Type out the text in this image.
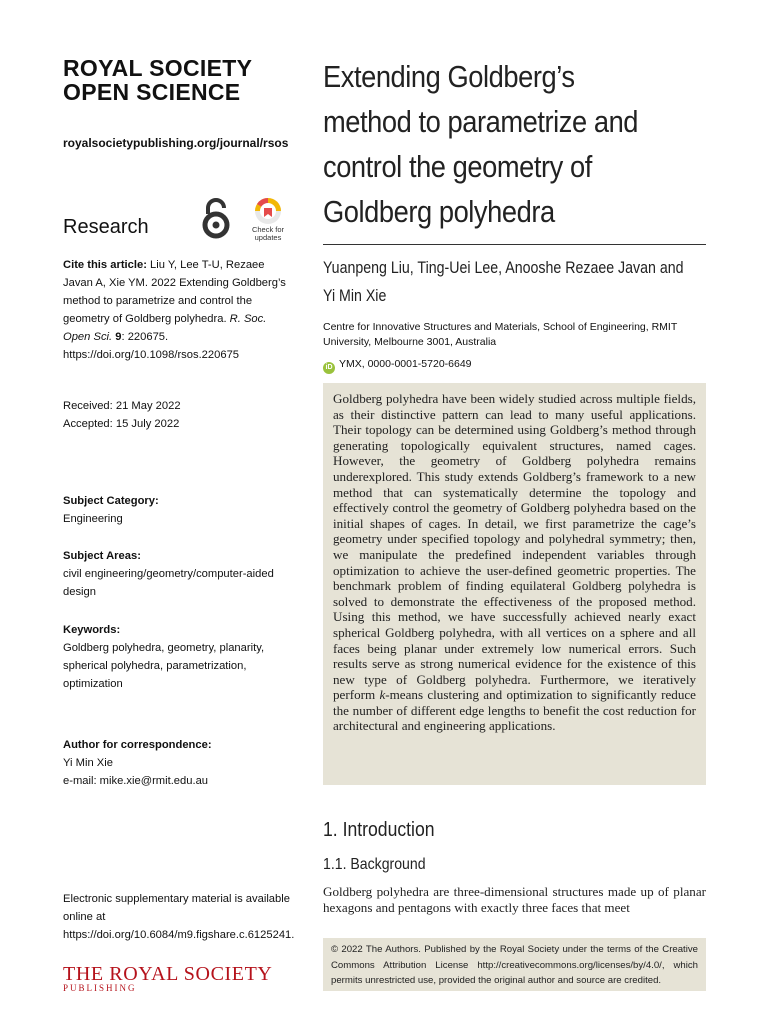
ROYAL SOCIETY
OPEN SCIENCE
royalsocietypublishing.org/journal/rsos
Research	Check for updates
Cite this article: Liu Y, Lee T-U, Rezaee Javan A, Xie YM. 2022 Extending Goldberg’s method to parametrize and control the geometry of Goldberg polyhedra. R. Soc. Open Sci. 9: 220675. https://doi.org/10.1098/rsos.220675
Received: 21 May 2022
Accepted: 15 July 2022
Subject Category:
Engineering
Subject Areas:
civil engineering/geometry/computer-aided design
Keywords:
Goldberg polyhedra, geometry, planarity, spherical polyhedra, parametrization, optimization
Author for correspondence:
Yi Min Xie
e-mail: mike.xie@rmit.edu.au
Electronic supplementary material is available online at https://doi.org/10.6084/m9.figshare.c.6125241.
THE ROYAL SOCIETY
PUBLISHING
Extending Goldberg’s
method to parametrize and
control the geometry of
Goldberg polyhedra
Yuanpeng Liu, Ting-Uei Lee, Anooshe Rezaee Javan and
Yi Min Xie
Centre for Innovative Structures and Materials, School of Engineering, RMIT University, Melbourne 3001, Australia
iD YMX, 0000-0001-5720-6649
Goldberg polyhedra have been widely studied across multiple fields, as their distinctive pattern can lead to many useful applications. Their topology can be determined using Goldberg’s method through generating topologically equivalent structures, named cages. However, the geometry of Goldberg polyhedra remains underexplored. This study extends Goldberg’s framework to a new method that can systematically determine the topology and effectively control the geometry of Goldberg polyhedra based on the initial shapes of cages. In detail, we first parametrize the cage’s geometry under specified topology and polyhedral symmetry; then, we manipulate the predefined independent variables through optimization to achieve the user-defined geometric properties. The benchmark problem of finding equilateral Goldberg polyhedra is solved to demonstrate the effectiveness of the proposed method. Using this method, we have successfully achieved nearly exact spherical Goldberg polyhedra, with all vertices on a sphere and all faces being planar under extremely low numerical errors. Such results serve as strong numerical evidence for the existence of this new type of Goldberg polyhedra. Furthermore, we iteratively perform k-means clustering and optimization to significantly reduce the number of different edge lengths to benefit the cost reduction for architectural and engineering applications.
1. Introduction
1.1. Background
Goldberg polyhedra are three-dimensional structures made up of planar hexagons and pentagons with exactly three faces that meet
© 2022 The Authors. Published by the Royal Society under the terms of the Creative Commons Attribution License http://creativecommons.org/licenses/by/4.0/, which permits unrestricted use, provided the original author and source are credited.
